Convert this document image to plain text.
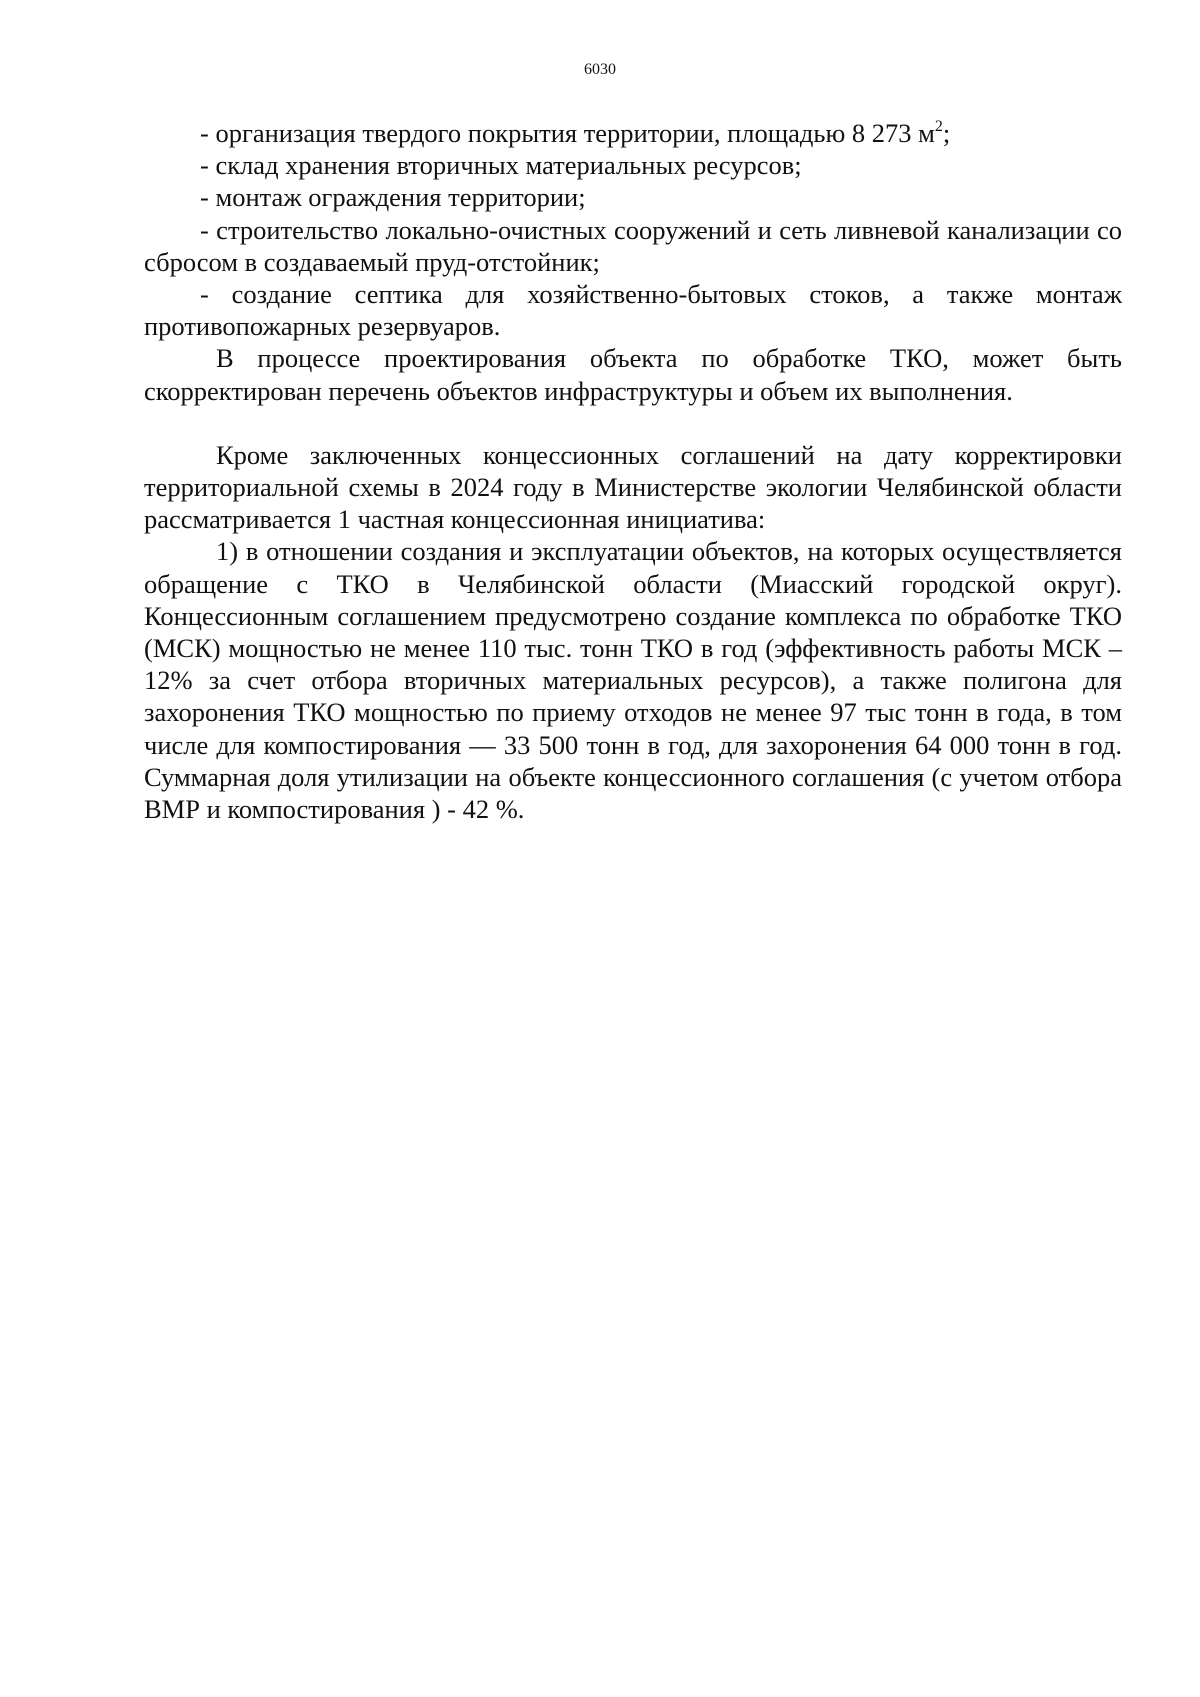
6030

- организация твердого покрытия территории, площадью 8 273 $м^2$;

- склад хранения вторичных материальных ресурсов;

- монтаж ограждения территории;

- строительство локально-очистных сооружений и сеть ливневой канализации со сбросом в создаваемый пруд-отстойник;

- создание септика для хозяйственно-бытовых стоков, а также монтаж противопожарных резервуаров.

В процессе проектирования объекта по обработке ТКО, может быть скорректирован перечень объектов инфраструктуры и объем их выполнения.

Кроме заключенных концессионных соглашений на дату корректировки территориальной схемы в 2024 году в Министерстве экологии Челябинской области рассматривается 1 частная концессионная инициатива:

1) в отношении создания и эксплуатации объектов, на которых осуществляется обращение с ТКО в Челябинской области (Миасский городской округ). Концессионным соглашением предусмотрено создание комплекса по обработке ТКО (МСК) мощностью не менее 110 тыс. тонн ТКО в год (эффективность работы МСК – 12% за счет отбора вторичных материальных ресурсов), а также полигона для захоронения ТКО мощностью по приему отходов не менее 97 тыс тонн в года, в том числе для компостирования — 33 500 тонн в год, для захоронения 64 000 тонн в год. Суммарная доля утилизации на объекте концессионного соглашения (с учетом отбора ВМР и компостирования ) - 42 %.
